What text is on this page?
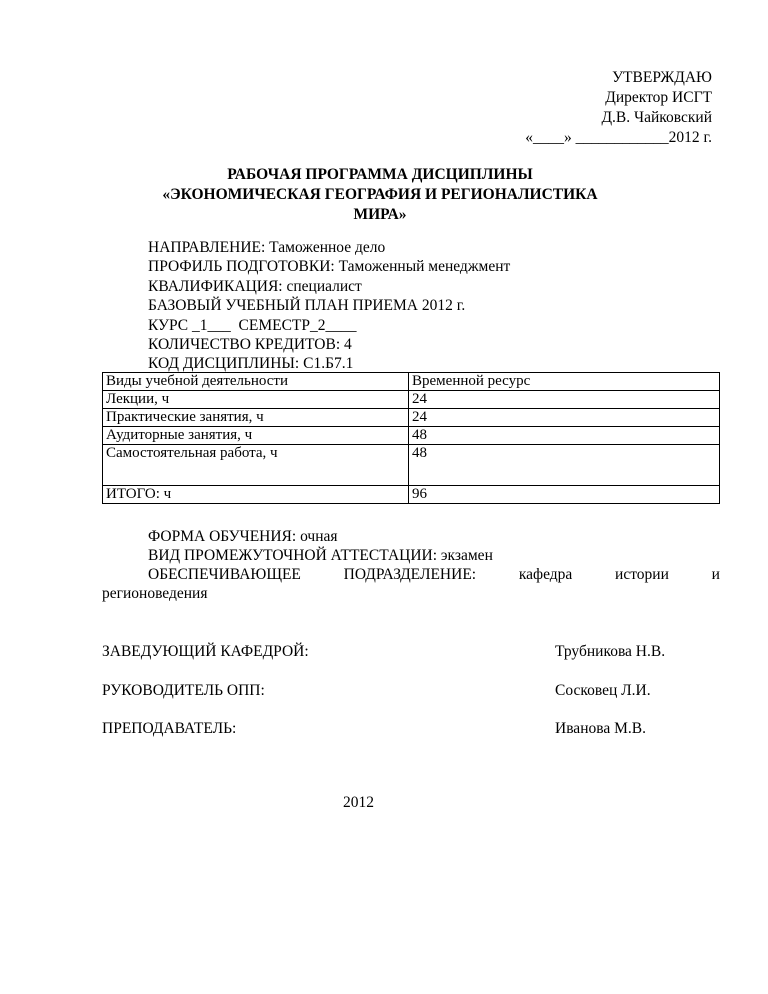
УТВЕРЖДАЮ
Директор ИСГТ
Д.В. Чайковский
«____» ____________2012 г.
РАБОЧАЯ ПРОГРАММА ДИСЦИПЛИНЫ
«ЭКОНОМИЧЕСКАЯ ГЕОГРАФИЯ И РЕГИОНАЛИСТИКА
МИРА»
НАПРАВЛЕНИЕ: Таможенное дело
ПРОФИЛЬ ПОДГОТОВКИ: Таможенный менеджмент
КВАЛИФИКАЦИЯ: специалист
БАЗОВЫЙ УЧЕБНЫЙ ПЛАН ПРИЕМА 2012 г.
КУРС _1___  СЕМЕСТР_2____
КОЛИЧЕСТВО КРЕДИТОВ: 4
КОД ДИСЦИПЛИНЫ: С1.Б7.1
Виды учебной деятельности	Временной ресурс
Лекции, ч	24
Практические занятия, ч	24
Аудиторные занятия, ч	48
Самостоятельная работа, ч	48
ИТОГО: ч	96
ФОРМА ОБУЧЕНИЯ: очная
ВИД ПРОМЕЖУТОЧНОЙ АТТЕСТАЦИИ: экзамен
ОБЕСПЕЧИВАЮЩЕЕ	ПОДРАЗДЕЛЕНИЕ:	кафедра	истории	и
регионоведения
ЗАВЕДУЮЩИЙ КАФЕДРОЙ:	Трубникова Н.В.
РУКОВОДИТЕЛЬ ОПП:	Сосковец Л.И.
ПРЕПОДАВАТЕЛЬ:	Иванова М.В.
2012
